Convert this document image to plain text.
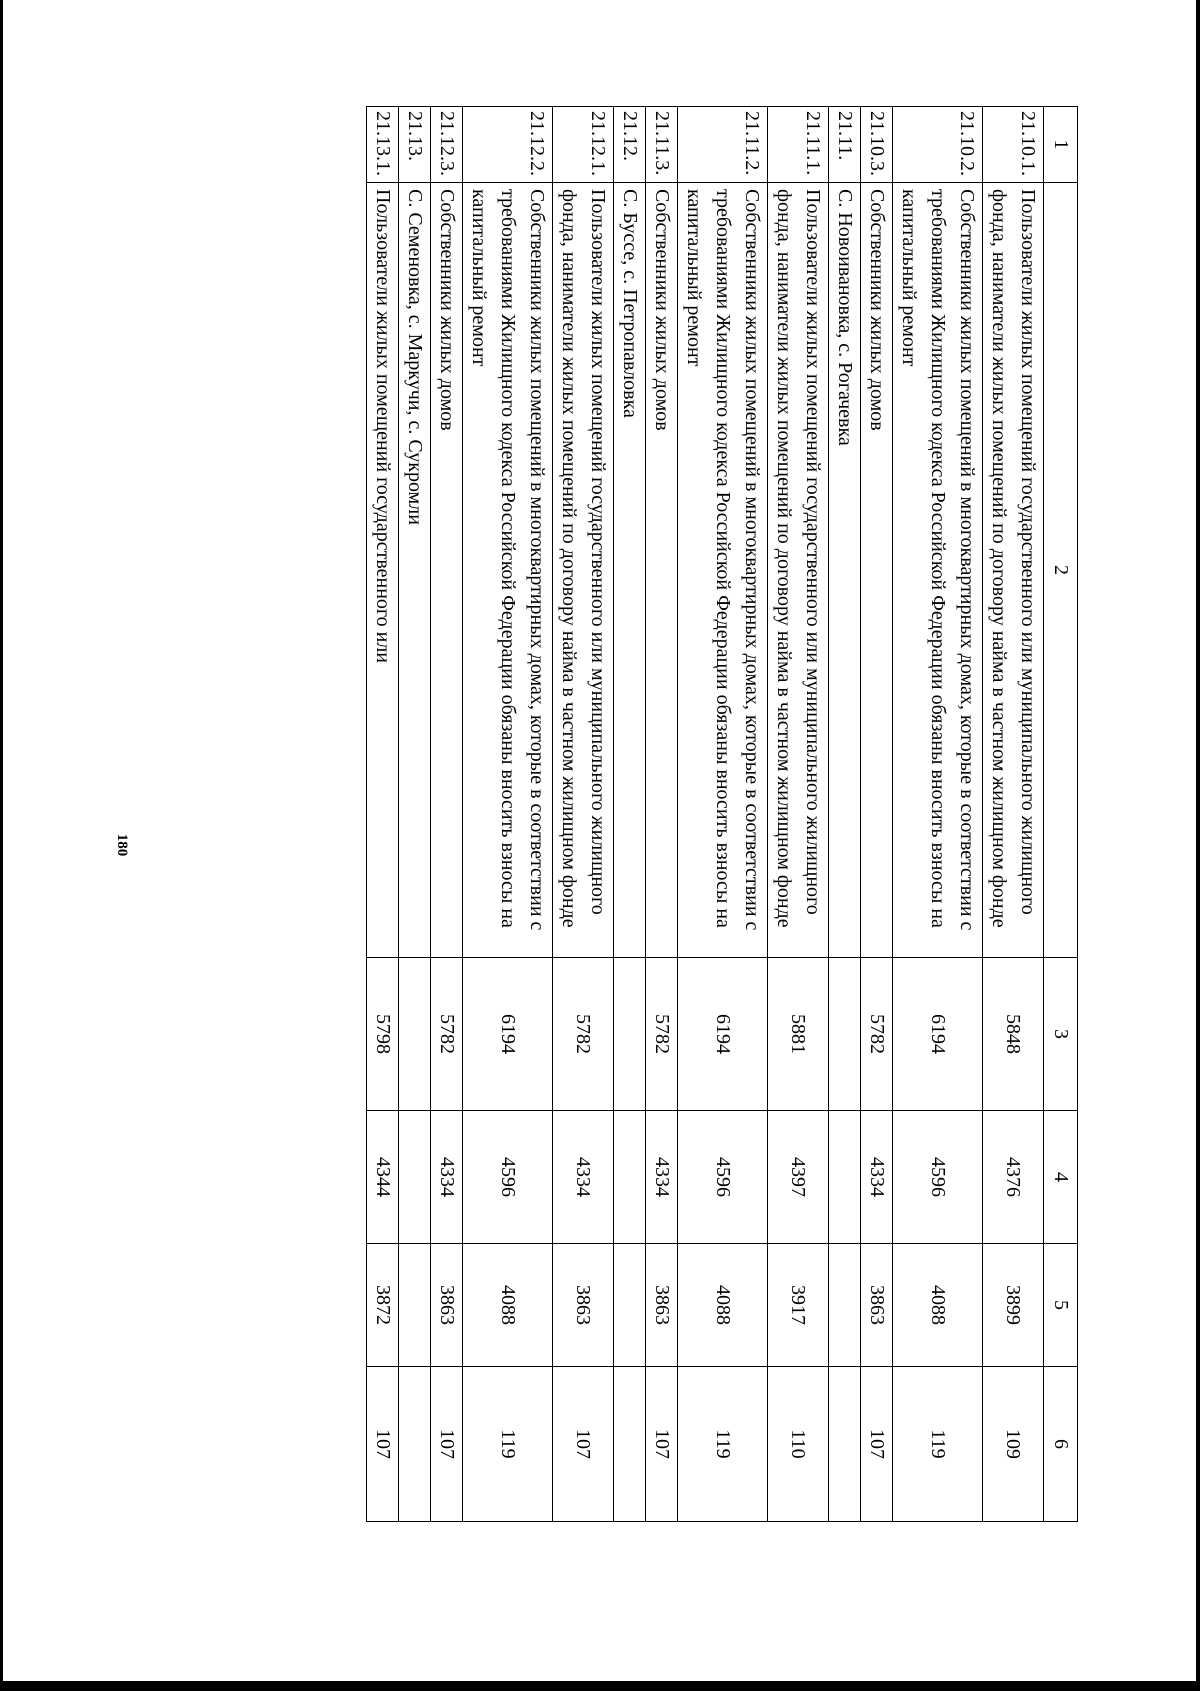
180
1	2	3	4	5	6
21.10.1.	Пользователи жилых помещений государственного или муниципального жилищного фонда, наниматели жилых помещений по договору найма в частном жилищном фонде	5848	4376	3899	109
21.10.2.	Собственники жилых помещений в многоквартирных домах, которые в соответствии с требованиями Жилищного кодекса Российской Федерации обязаны вносить взносы на капитальный ремонт	6194	4596	4088	119
21.10.3.	Собственники жилых домов	5782	4334	3863	107
21.11.	С. Новоивановка, с. Рогачевка				
21.11.1.	Пользователи жилых помещений государственного или муниципального жилищного фонда, наниматели жилых помещений по договору найма в частном жилищном фонде	5881	4397	3917	110
21.11.2.	Собственники жилых помещений в многоквартирных домах, которые в соответствии с требованиями Жилищного кодекса Российской Федерации обязаны вносить взносы на капитальный ремонт	6194	4596	4088	119
21.11.3.	Собственники жилых домов	5782	4334	3863	107
21.12.	С. Буссе, с. Петропавловка				
21.12.1.	Пользователи жилых помещений государственного или муниципального жилищного фонда, наниматели жилых помещений по договору найма в частном жилищном фонде	5782	4334	3863	107
21.12.2.	Собственники жилых помещений в многоквартирных домах, которые в соответствии с требованиями Жилищного кодекса Российской Федерации обязаны вносить взносы на капитальный ремонт	6194	4596	4088	119
21.12.3.	Собственники жилых домов	5782	4334	3863	107
21.13.	С. Семеновка, с. Маркучи, с. Сукромли				
21.13.1.	Пользователи жилых помещений государственного или	5798	4344	3872	107
